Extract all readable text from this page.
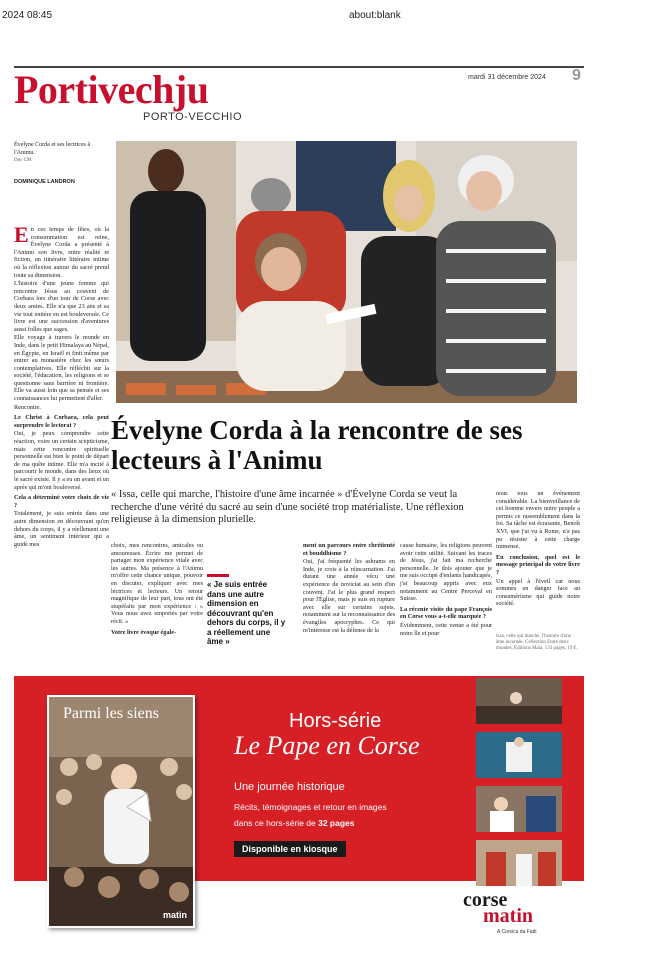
2024 08:45	about:blank
Portivechju
PORTO-VECCHIO
mardi 31 décembre 2024 9
Évelyne Corda et ses lectrices à l'Animu.
Doc CM
DOMINIQUE LANDRON

En ces temps de fêtes, où la consommation est reine, Évelyne Corda a présenté à l'Animu son livre, entre réalité et fiction, un itinéraire littéraire intime où la réflexion autour du sacré prend toute sa dimension.

L'histoire d'une jeune femme qui rencontre Jésus au couvent de Corbara lors d'un tour de Corse avec deux amies. Elle n'a que 23 ans et sa vie tout entière en est bouleversée. Ce livre est une succession d'aventures aussi folles que sages.

Elle voyage à travers le monde en Inde, dans le petit Himalaya au Népal, en Égypte, en Israël et finit même par entrer au monastère chez les sœurs contemplatives. Elle réfléchit sur la société, l'éducation, les religions et se questionne sans barrière ni frontière. Elle va aussi loin que sa pensée et ses connaissances lui permettent d'aller.

Rencontre.

Le Christ à Corbara, cela peut surprendre le lectorat ?

Oui, je peux comprendre cette réaction, voire un certain scepticisme, mais cette rencontre spirituelle personnelle est bien le point de départ de ma quête intime. Elle m'a incité à parcourir le monde, dans des lieux où le sacré existe. Il y a eu un avant et un après qui m'ont bouleversé.

Cela a déterminé votre choix de vie ?

Totalement, je suis entrée dans une autre dimension en découvrant qu'en dehors du corps, il y a réellement une âme, un sentiment intérieur qui a guidé mes

Évelyne Corda à la rencontre de ses lecteurs à l'Animu
« Issa, celle qui marche, l'histoire d'une âme incarnée » d'Évelyne Corda se veut la recherche d'une vérité du sacré au sein d'une société trop matérialiste. Une réflexion religieuse à la dimension plurielle.

choix, mes rencontres, amicales ou amoureuses. Écrire me permet de partager mon expérience vitale avec les autres. Ma présence à l'Animu m'offre cette chance unique, pouvoir en discuter, expliquer avec mes lectrices et lecteurs. Un retour magnifique de leur part, tous ont été stupéfaits par mon expérience : « Vous nous avez emportés par votre récit. »

Votre livre évoque égale-

« Je suis entrée dans une autre dimension en découvrant qu'en dehors du corps, il y a réellement une âme »

ment un parcours entre chrétienté et bouddhisme ?

Oui, j'ai fréquenté les ashrams en Inde, je crois à la réincarnation. J'ai durant une année vécu une expérience de noviciat au sein d'un couvent. J'ai le plus grand respect pour l'Église, mais je suis en rupture avec elle sur certains sujets, notamment sur la reconnaissance des évangiles apocryphes. Ce qui m'intéresse est la défense de la

cause humaine, les religions peuvent avoir cette utilité. Suivant les traces de Jésus, j'ai fait ma recherche personnelle. Je dois ajouter que je me suis occupé d'enfants handicapés, j'ai beaucoup appris avec eux notamment au Centre Perceval en Suisse.

La récente visite du pape François en Corse vous a-t-elle marquée ?

Évidemment, cette venue a été pour notre île et pour

nous tous un événement considérable. La bienveillance de cet homme envers notre peuple a permis ce rassemblement dans la foi. Sa tâche est écrasante, Benoît XVI, que j'ai vu à Rome, n'a pas pu résister à cette charge immense.

En conclusion, quel est le message principal de votre livre ?

Un appel à l'éveil car nous sommes en danger face au consumérisme qui guide notre société.

Issa, celle qui marche, l'histoire d'une âme incarnée. Collection Entre deux mondes, Éditions Maïa, 133 pages, 19 €.
Hors-série
Le Pape en Corse
Une journée historique
Récits, témoignages et retour en images
dans ce hors-série de 32 pages
Disponible en kiosque
Parmi les siens
matin

corse
matin
A Corsica da Fatti
